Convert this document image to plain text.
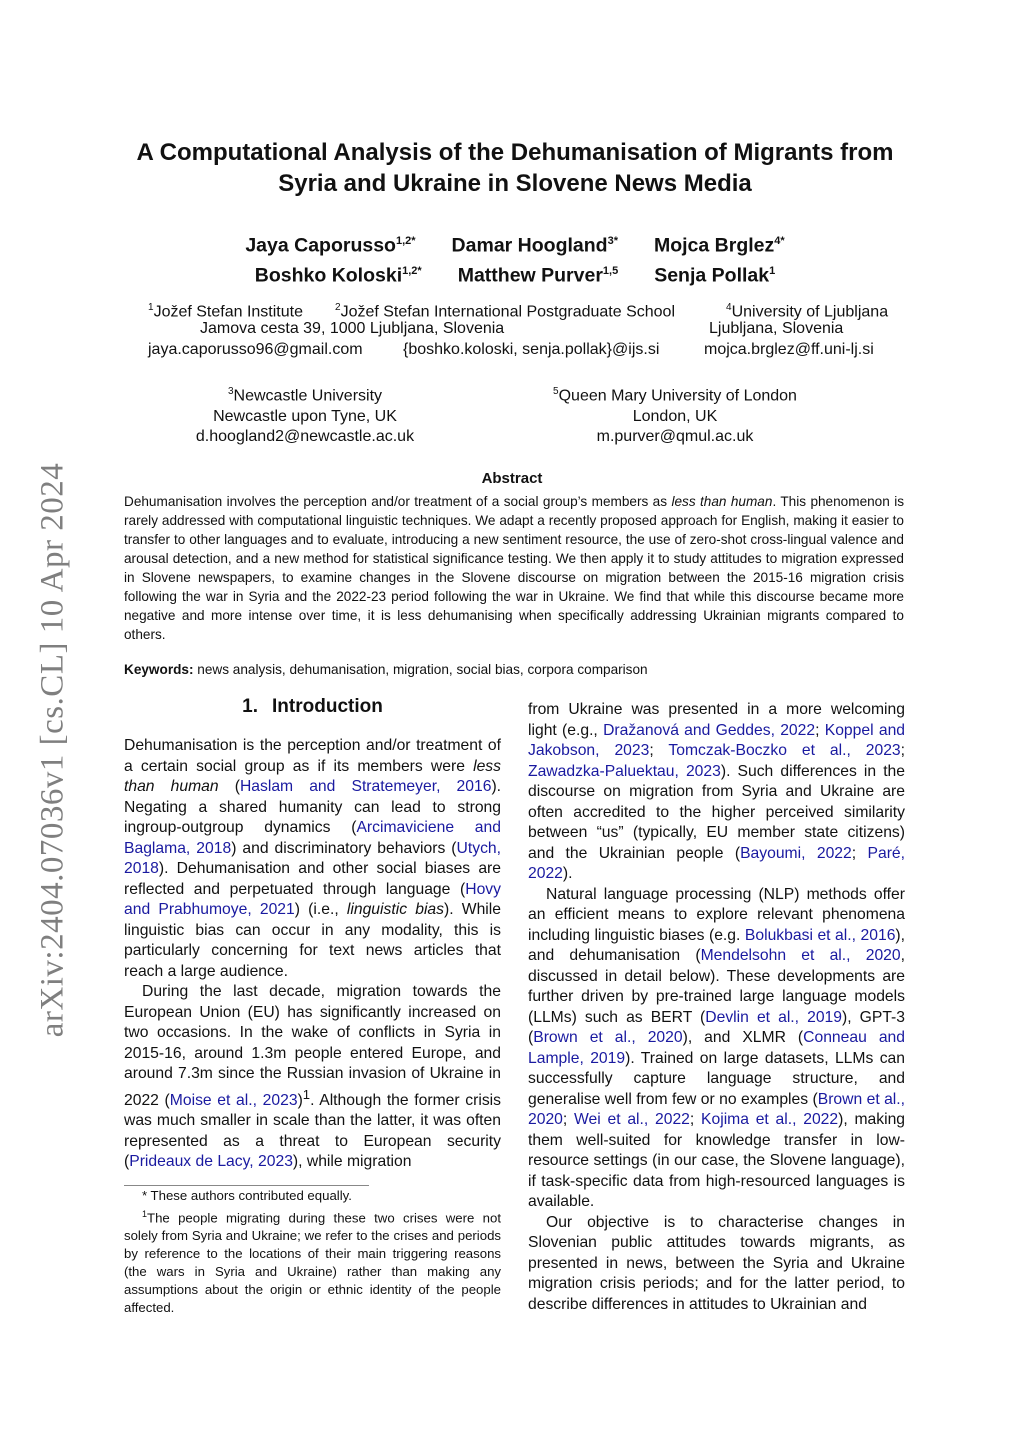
arXiv:2404.07036v1 [cs.CL] 10 Apr 2024
A Computational Analysis of the Dehumanisation of Migrants from Syria and Ukraine in Slovene News Media
Jaya Caporusso$^{1,2*}$ Damar Hoogland$^{3*}$ Mojca Brglez$^{4*}$
Boshko Koloski$^{1,2*}$ Matthew Purver$^{1,5}$ Senja Pollak$^1$
$^1$Jožef Stefan Institute	$^2$Jožef Stefan International Postgraduate School	$^4$University of Ljubljana
Jamova cesta 39, 1000 Ljubljana, Slovenia	Ljubljana, Slovenia
jaya.caporusso96@gmail.com	{boshko.koloski, senja.pollak}@ijs.si	mojca.brglez@ff.uni-lj.si
$^3$Newcastle University
Newcastle upon Tyne, UK
d.hoogland2@newcastle.ac.uk
$^5$Queen Mary University of London
London, UK
m.purver@qmul.ac.uk
Abstract
Dehumanisation involves the perception and/or treatment of a social group’s members as less than human. This phenomenon is rarely addressed with computational linguistic techniques. We adapt a recently proposed approach for English, making it easier to transfer to other languages and to evaluate, introducing a new sentiment resource, the use of zero-shot cross-lingual valence and arousal detection, and a new method for statistical significance testing. We then apply it to study attitudes to migration expressed in Slovene newspapers, to examine changes in the Slovene discourse on migration between the 2015-16 migration crisis following the war in Syria and the 2022-23 period following the war in Ukraine. We find that while this discourse became more negative and more intense over time, it is less dehumanising when specifically addressing Ukrainian migrants compared to others.
Keywords: news analysis, dehumanisation, migration, social bias, corpora comparison
1. Introduction

Dehumanisation is the perception and/or treatment of a certain social group as if its members were less than human (Haslam and Stratemeyer, 2016). Negating a shared humanity can lead to strong ingroup-outgroup dynamics (Arcimaviciene and Baglama, 2018) and discriminatory behaviors (Utych, 2018). Dehumanisation and other social biases are reflected and perpetuated through language (Hovy and Prabhumoye, 2021) (i.e., linguistic bias). While linguistic bias can occur in any modality, this is particularly concerning for text news articles that reach a large audience.

During the last decade, migration towards the European Union (EU) has significantly increased on two occasions. In the wake of conflicts in Syria in 2015-16, around 1.3m people entered Europe, and around 7.3m since the Russian invasion of Ukraine in 2022 (Moise et al., 2023)$^1$. Although the former crisis was much smaller in scale than the latter, it was often represented as a threat to European security (Prideaux de Lacy, 2023), while migration

from Ukraine was presented in a more welcoming light (e.g., Dražanová and Geddes, 2022; Koppel and Jakobson, 2023; Tomczak-Boczko et al., 2023; Zawadzka-Paluektau, 2023). Such differences in the discourse on migration from Syria and Ukraine are often accredited to the higher perceived similarity between “us” (typically, EU member state citizens) and the Ukrainian people (Bayoumi, 2022; Paré, 2022).

Natural language processing (NLP) methods offer an efficient means to explore relevant phenomena including linguistic biases (e.g. Bolukbasi et al., 2016), and dehumanisation (Mendelsohn et al., 2020, discussed in detail below). These developments are further driven by pre-trained large language models (LLMs) such as BERT (Devlin et al., 2019), GPT-3 (Brown et al., 2020), and XLMR (Conneau and Lample, 2019). Trained on large datasets, LLMs can successfully capture language structure, and generalise well from few or no examples (Brown et al., 2020; Wei et al., 2022; Kojima et al., 2022), making them well-suited for knowledge transfer in low-resource settings (in our case, the Slovene language), if task-specific data from high-resourced languages is available.

Our objective is to characterise changes in Slovenian public attitudes towards migrants, as presented in news, between the Syria and Ukraine migration crisis periods; and for the latter period, to describe differences in attitudes to Ukrainian and

* These authors contributed equally.

$^1$The people migrating during these two crises were not solely from Syria and Ukraine; we refer to the crises and periods by reference to the locations of their main triggering reasons (the wars in Syria and Ukraine) rather than making any assumptions about the origin or ethnic identity of the people affected.
